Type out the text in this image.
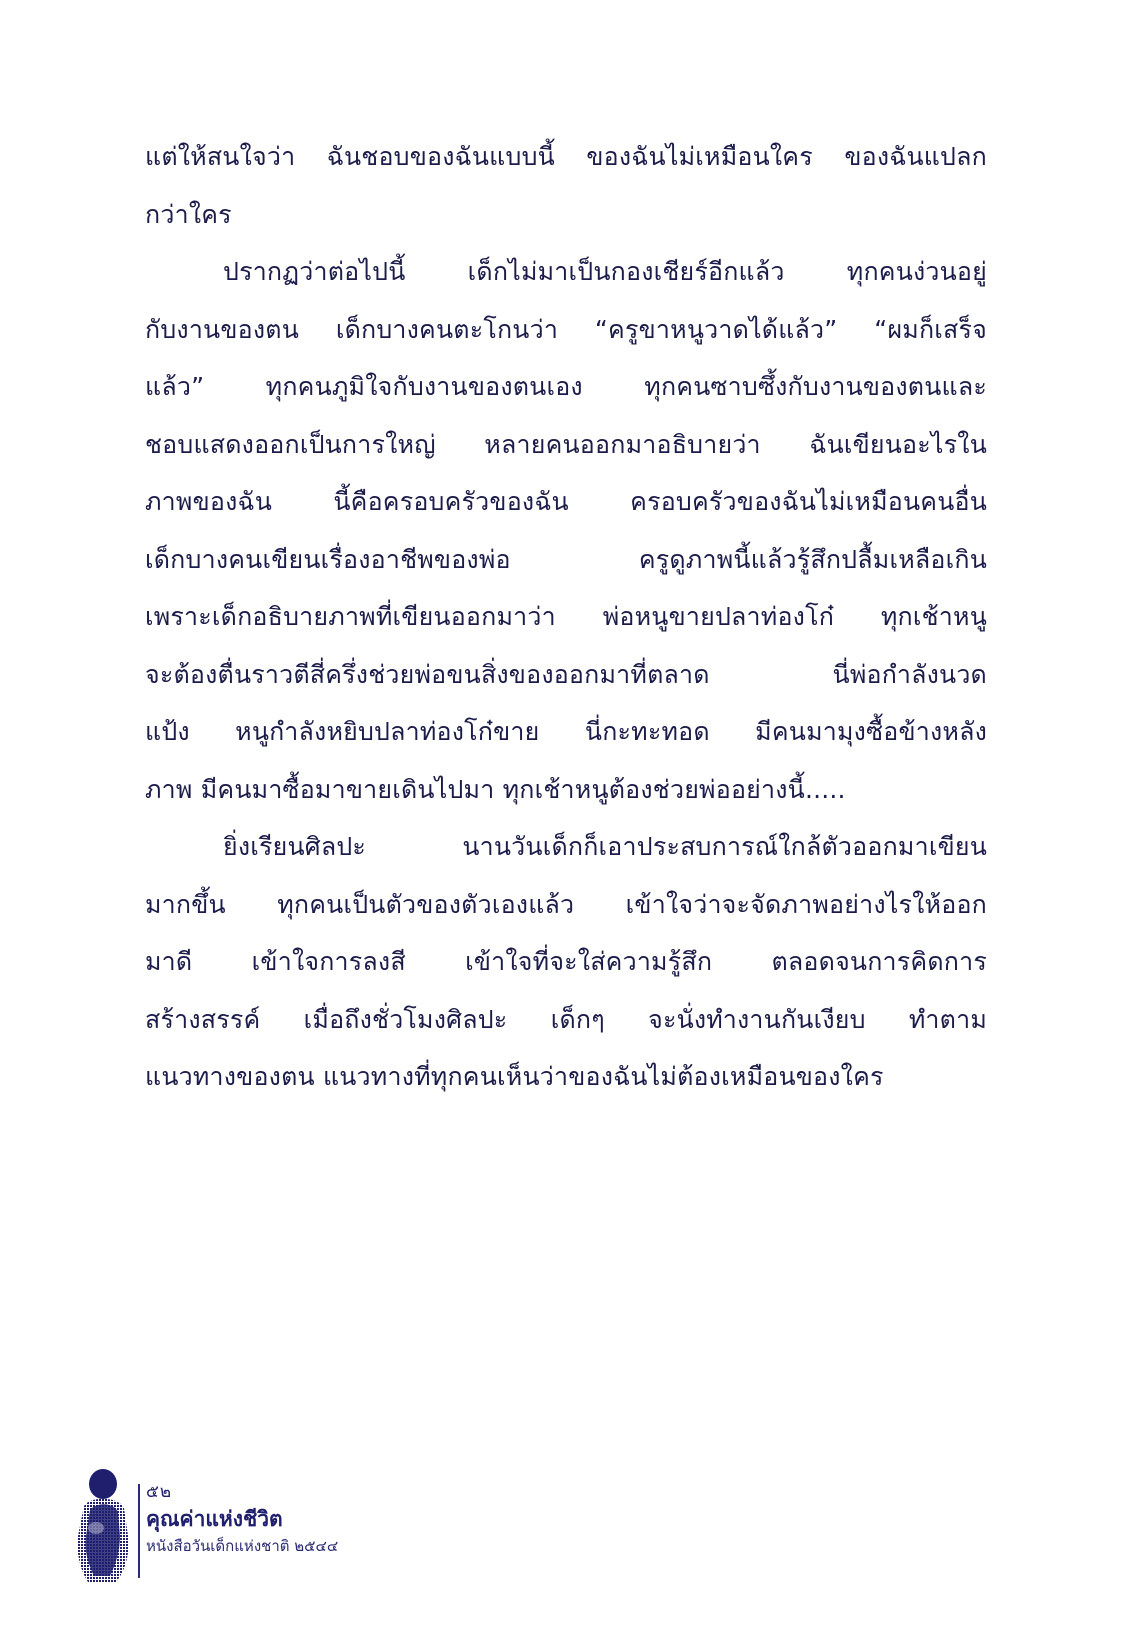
แต่ให้สนใจว่า ฉันชอบของฉันแบบนี้ ของฉันไม่เหมือนใคร ของฉันแปลก
กว่าใคร
ปรากฏว่าต่อไปนี้ เด็กไม่มาเป็นกองเชียร์อีกแล้ว ทุกคนง่วนอยู่
กับงานของตน เด็กบางคนตะโกนว่า “ครูขาหนูวาดได้แล้ว” “ผมก็เสร็จ
แล้ว” ทุกคนภูมิใจกับงานของตนเอง ทุกคนซาบซึ้งกับงานของตนและ
ชอบแสดงออกเป็นการใหญ่ หลายคนออกมาอธิบายว่า ฉันเขียนอะไรใน
ภาพของฉัน นี้คือครอบครัวของฉัน ครอบครัวของฉันไม่เหมือนคนอื่น
เด็กบางคนเขียนเรื่องอาชีพของพ่อ ครูดูภาพนี้แล้วรู้สึกปลื้มเหลือเกิน
เพราะเด็กอธิบายภาพที่เขียนออกมาว่า พ่อหนูขายปลาท่องโก๋ ทุกเช้าหนู
จะต้องตื่นราวตีสี่ครึ่งช่วยพ่อขนสิ่งของออกมาที่ตลาด นี่พ่อกำลังนวด
แป้ง หนูกำลังหยิบปลาท่องโก๋ขาย นี่กะทะทอด มีคนมามุงซื้อข้างหลัง
ภาพ มีคนมาซื้อมาขายเดินไปมา ทุกเช้าหนูต้องช่วยพ่ออย่างนี้.....
ยิ่งเรียนศิลปะ นานวันเด็กก็เอาประสบการณ์ใกล้ตัวออกมาเขียน
มากขึ้น ทุกคนเป็นตัวของตัวเองแล้ว เข้าใจว่าจะจัดภาพอย่างไรให้ออก
มาดี เข้าใจการลงสี เข้าใจที่จะใส่ความรู้สึก ตลอดจนการคิดการ
สร้างสรรค์ เมื่อถึงชั่วโมงศิลปะ เด็กๆ จะนั่งทำงานกันเงียบ ทำตาม
แนวทางของตน แนวทางที่ทุกคนเห็นว่าของฉันไม่ต้องเหมือนของใคร
๕๒
คุณค่าแห่งชีวิต
หนังสือวันเด็กแห่งชาติ ๒๕๔๔
